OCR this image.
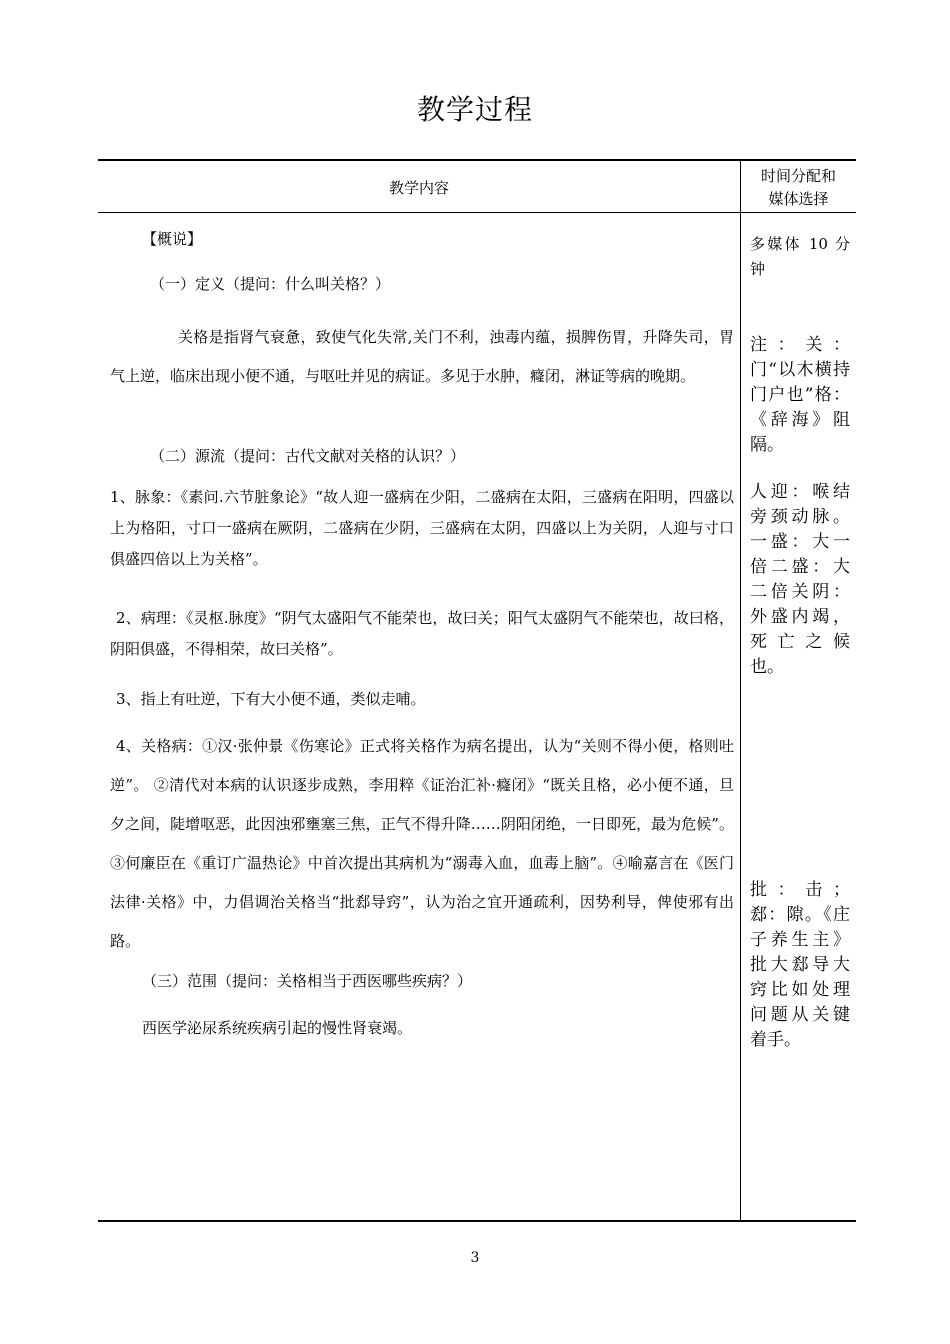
教学过程
教学内容
时间分配和
媒体选择

【概说】

（一）定义（提问：什么叫关格？）

关格是指肾气衰惫，致使气化失常,关门不利，浊毒内蕴，损脾伤胃，升降失司，胃气上逆，临床出现小便不通，与呕吐并见的病证。多见于水肿，癃闭，淋证等病的晚期。

（二）源流（提问：古代文献对关格的认识？）

1、脉象：《素问.六节脏象论》“故人迎一盛病在少阳，二盛病在太阳，三盛病在阳明，四盛以上为格阳，寸口一盛病在厥阴，二盛病在少阴，三盛病在太阴，四盛以上为关阴，人迎与寸口俱盛四倍以上为关格”。

2、病理：《灵枢.脉度》“阴气太盛阳气不能荣也，故曰关；阳气太盛阴气不能荣也，故曰格，阴阳俱盛，不得相荣，故曰关格”。

3、指上有吐逆，下有大小便不通，类似走哺。

4、关格病：①汉·张仲景《伤寒论》正式将关格作为病名提出，认为“关则不得小便，格则吐逆”。 ②清代对本病的认识逐步成熟，李用粹《证治汇补·癃闭》“既关且格，必小便不通，旦夕之间，陡增呕恶，此因浊邪壅塞三焦，正气不得升降……阴阳闭绝，一日即死，最为危候”。③何廉臣在《重订广温热论》中首次提出其病机为“溺毒入血，血毒上脑”。④喻嘉言在《医门法律·关格》中，力倡调治关格当“批郄导窍”，认为治之宜开通疏利，因势利导，俾使邪有出路。

（三）范围（提问：关格相当于西医哪些疾病？）

西医学泌尿系统疾病引起的慢性肾衰竭。

多媒体 10 分钟

注：关：门“以木横持门户也”格：《辞海》阻隔。

人迎：喉结旁颈动脉。一盛：大一倍二盛：大二倍关阴：外盛内竭，死亡之候也。

批：击；郄：隙。《庄子养生主》批大郄导大窍比如处理问题从关键着手。

3
